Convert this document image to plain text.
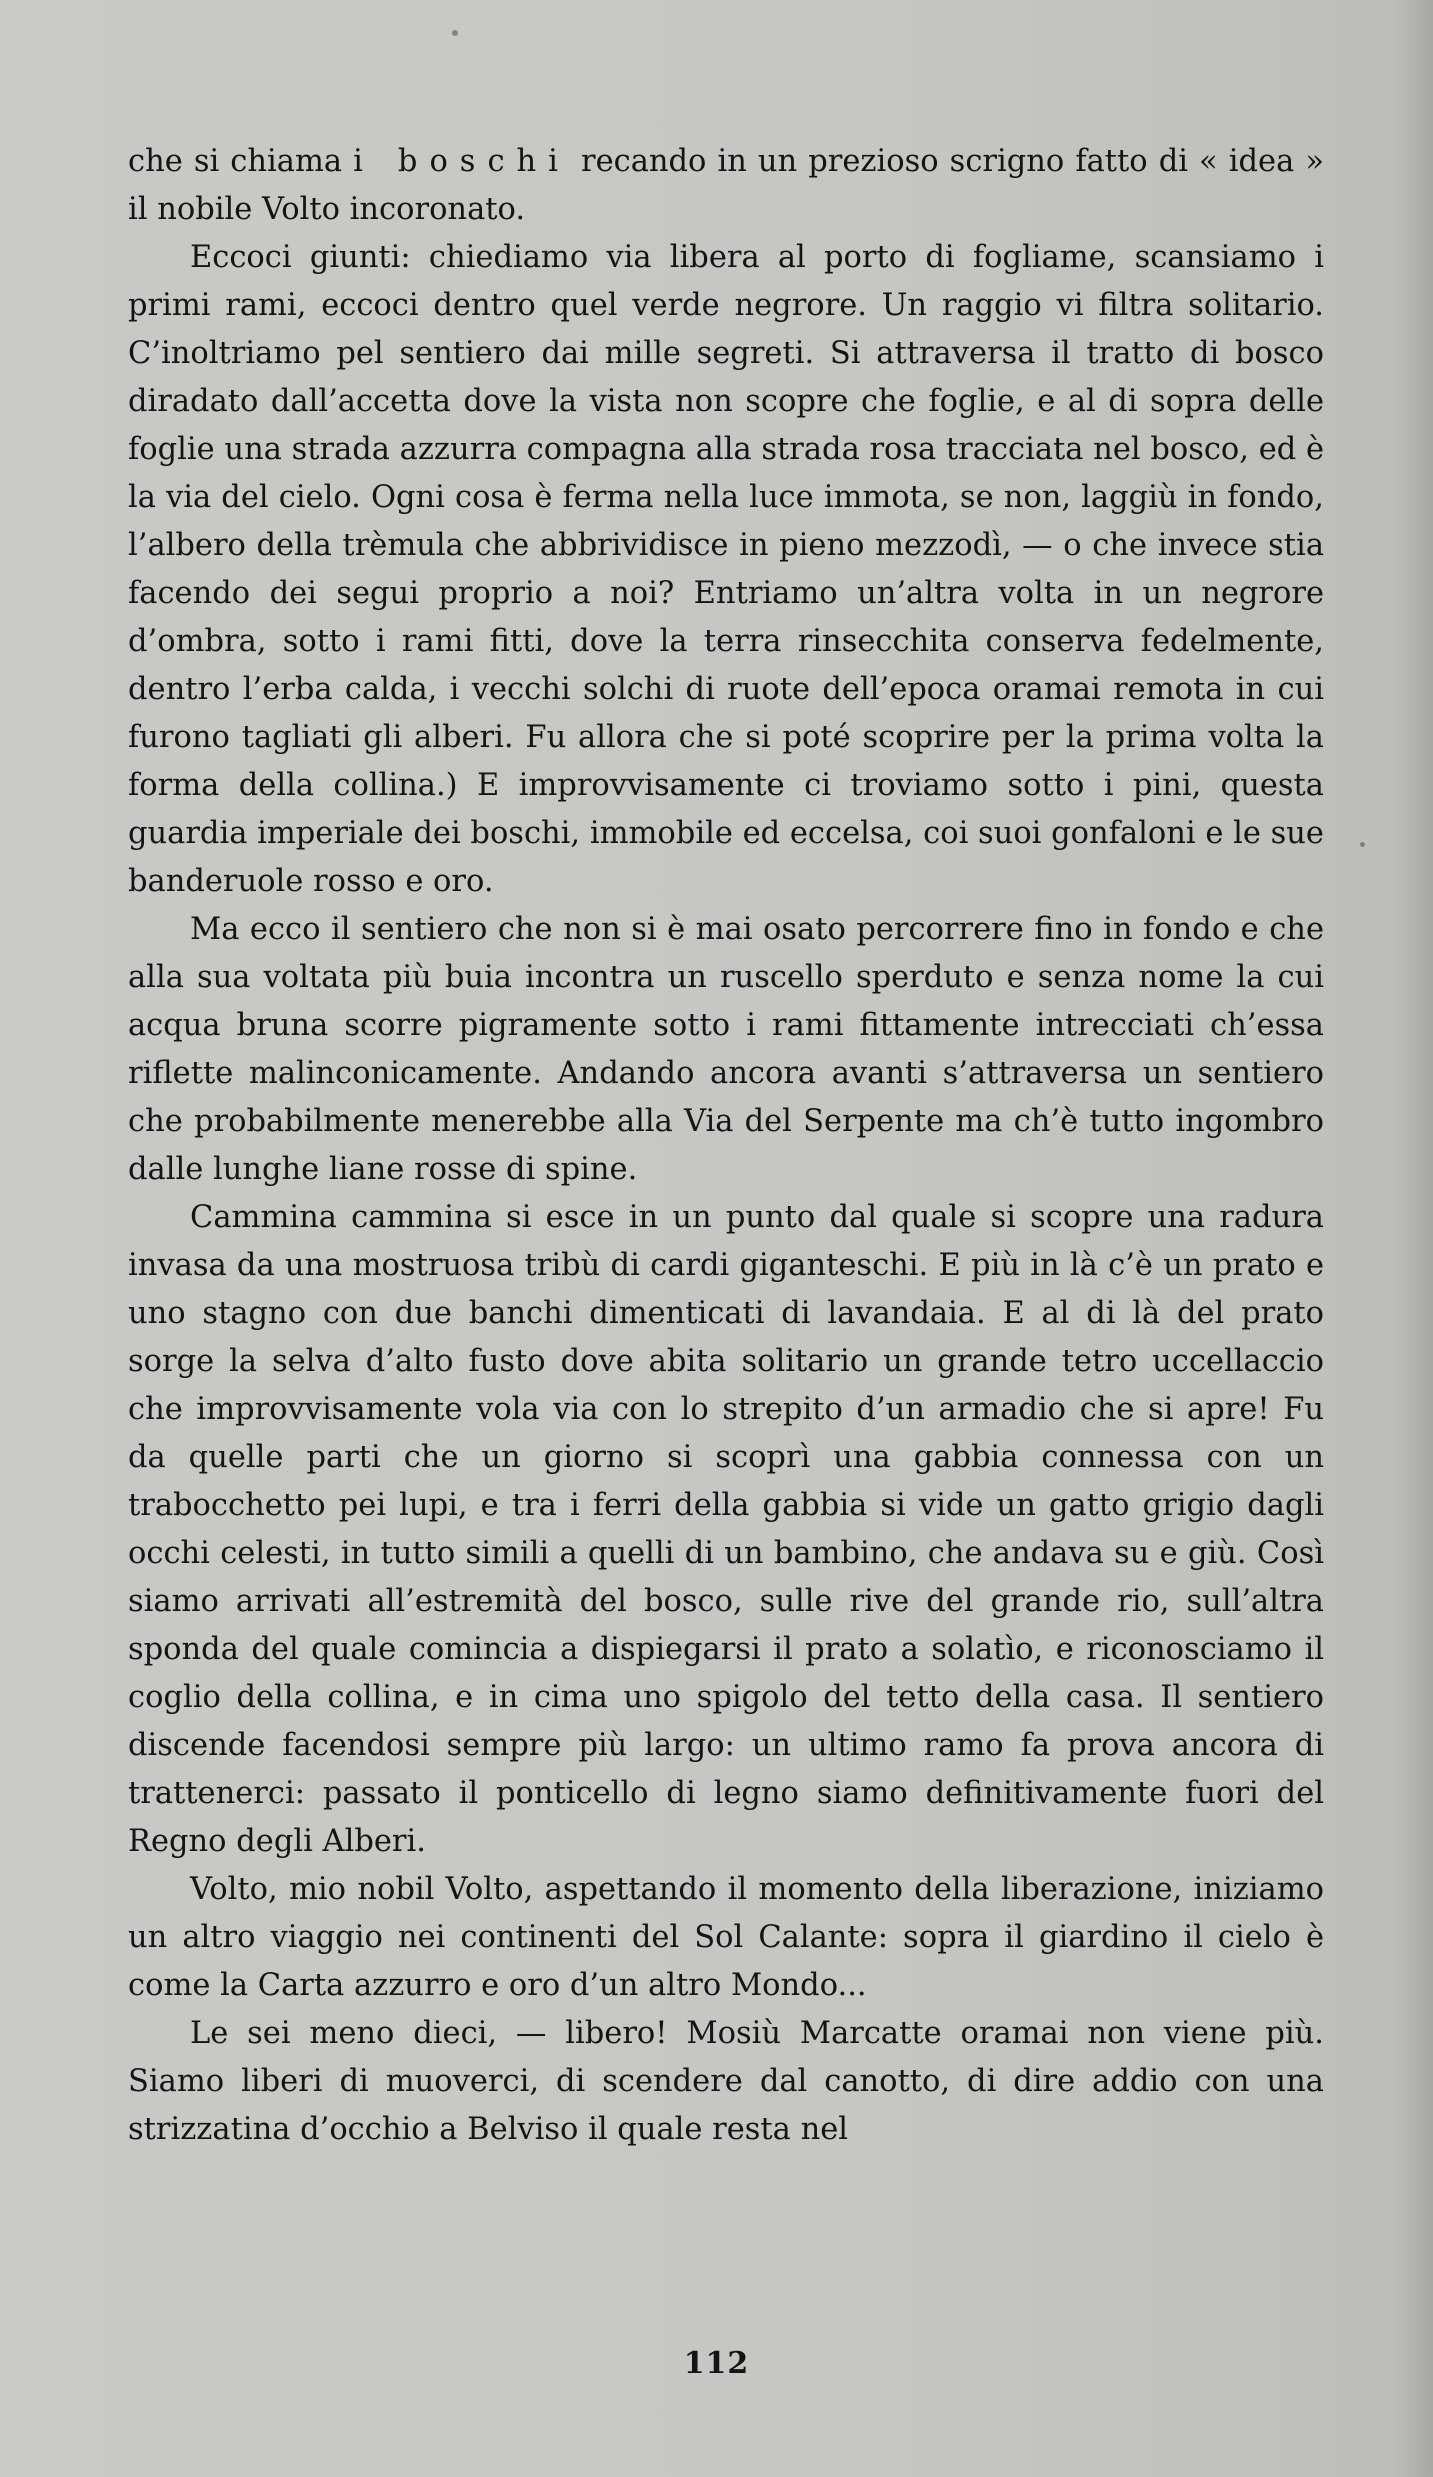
che si chiama i boschi recando in un prezioso scrigno fatto di « idea » il nobile Volto incoronato.

Eccoci giunti: chiediamo via libera al porto di fogliame, scansiamo i primi rami, eccoci dentro quel verde negrore. Un raggio vi filtra solitario. C’inoltriamo pel sentiero dai mille segreti. Si attraversa il tratto di bosco diradato dall’accetta dove la vista non scopre che foglie, e al di sopra delle foglie una strada azzurra compagna alla strada rosa tracciata nel bosco, ed è la via del cielo. Ogni cosa è ferma nella luce immota, se non, laggiù in fondo, l’albero della trèmula che abbrividisce in pieno mezzodì, — o che invece stia facendo dei segui proprio a noi? Entriamo un’altra volta in un negrore d’ombra, sotto i rami fitti, dove la terra rinsecchita conserva fedelmente, dentro l’erba calda, i vecchi solchi di ruote dell’epoca oramai remota in cui furono tagliati gli alberi. Fu allora che si poté scoprire per la prima volta la forma della collina.) E improvvisamente ci troviamo sotto i pini, questa guardia imperiale dei boschi, immobile ed eccelsa, coi suoi gonfaloni e le sue banderuole rosso e oro.

Ma ecco il sentiero che non si è mai osato percorrere fino in fondo e che alla sua voltata più buia incontra un ruscello sperduto e senza nome la cui acqua bruna scorre pigramente sotto i rami fittamente intrecciati ch’essa riflette malinconicamente. Andando ancora avanti s’attraversa un sentiero che probabilmente menerebbe alla Via del Serpente ma ch’è tutto ingombro dalle lunghe liane rosse di spine.

Cammina cammina si esce in un punto dal quale si scopre una radura invasa da una mostruosa tribù di cardi giganteschi. E più in là c’è un prato e uno stagno con due banchi dimenticati di lavandaia. E al di là del prato sorge la selva d’alto fusto dove abita solitario un grande tetro uccellaccio che improvvisamente vola via con lo strepito d’un armadio che si apre! Fu da quelle parti che un giorno si scoprì una gabbia connessa con un trabocchetto pei lupi, e tra i ferri della gabbia si vide un gatto grigio dagli occhi celesti, in tutto simili a quelli di un bambino, che andava su e giù. Così siamo arrivati all’estremità del bosco, sulle rive del grande rio, sull’altra sponda del quale comincia a dispiegarsi il prato a solatìo, e riconosciamo il coglio della collina, e in cima uno spigolo del tetto della casa. Il sentiero discende facendosi sempre più largo: un ultimo ramo fa prova ancora di trattenerci: passato il ponticello di legno siamo definitivamente fuori del Regno degli Alberi.

Volto, mio nobil Volto, aspettando il momento della liberazione, iniziamo un altro viaggio nei continenti del Sol Calante: sopra il giardino il cielo è come la Carta azzurro e oro d’un altro Mondo...

Le sei meno dieci, — libero! Mosiù Marcatte oramai non viene più. Siamo liberi di muoverci, di scendere dal canotto, di dire addio con una strizzatina d’occhio a Belviso il quale resta nel

112
